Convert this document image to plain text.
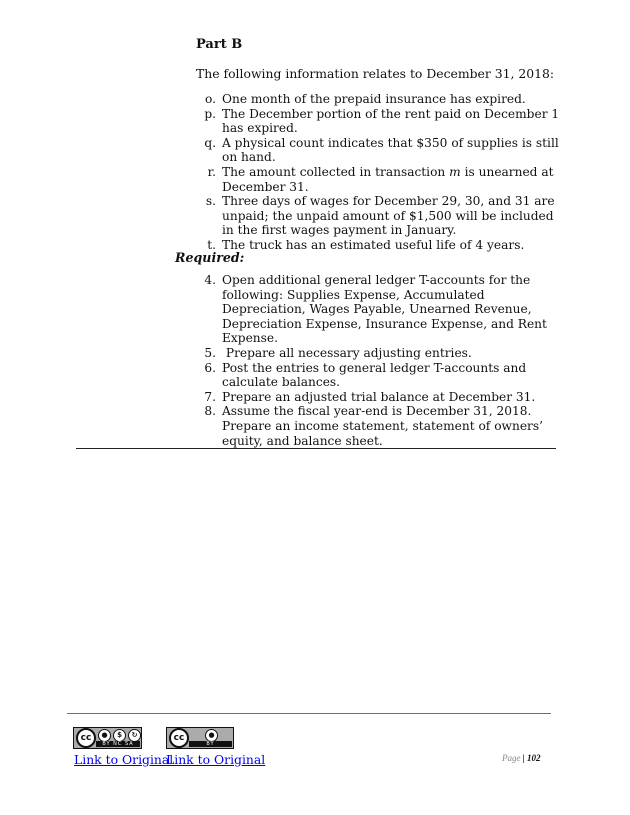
Part B

The following information relates to December 31, 2018:

o. One month of the prepaid insurance has expired.
p. The December portion of the rent paid on December 1 has expired.
q. A physical count indicates that $350 of supplies is still on hand.
r. The amount collected in transaction m is unearned at December 31.
s. Three days of wages for December 29, 30, and 31 are unpaid; the unpaid amount of $1,500 will be included in the first wages payment in January.
t. The truck has an estimated useful life of 4 years.

Required:

4. Open additional general ledger T-accounts for the following: Supplies Expense, Accumulated Depreciation, Wages Payable, Unearned Revenue, Depreciation Expense, Insurance Expense, and Rent Expense.
5. Prepare all necessary adjusting entries.
6. Post the entries to general ledger T-accounts and calculate balances.
7. Prepare an adjusted trial balance at December 31.
8. Assume the fiscal year-end is December 31, 2018. Prepare an income statement, statement of owners’ equity, and balance sheet.
cc	●	$	↻
BY NC SA
cc	●
BY
Link to Original
Link to Original	Page | 102
